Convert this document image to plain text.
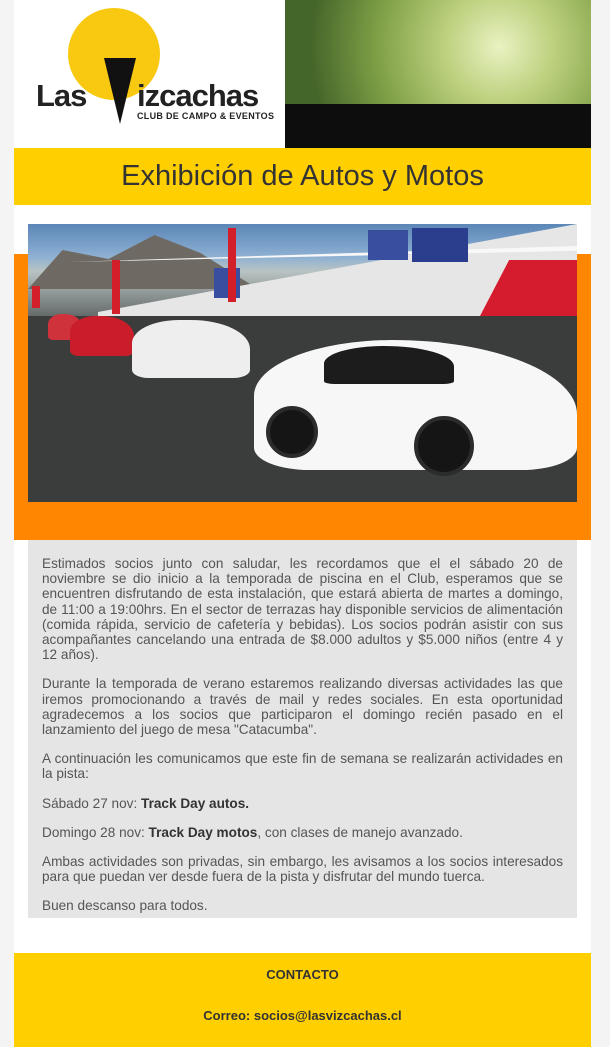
Las izcachas
CLUB DE CAMPO & EVENTOS
Exhibición de Autos y Motos

Estimados socios junto con saludar, les recordamos que el el sábado 20 de noviembre se dio inicio a la temporada de piscina en el Club, esperamos que se encuentren disfrutando de esta instalación, que estará abierta de martes a domingo, de 11:00 a 19:00hrs. En el sector de terrazas hay disponible servicios de alimentación (comida rápida, servicio de cafetería y bebidas). Los socios podrán asistir con sus acompañantes cancelando una entrada de $8.000 adultos y $5.000 niños (entre 4 y 12 años).

Durante la temporada de verano estaremos realizando diversas actividades las que iremos promocionando a través de mail y redes sociales. En esta oportunidad agradecemos a los socios que participaron el domingo recién pasado en el lanzamiento del juego de mesa "Catacumba".

A continuación les comunicamos que este fin de semana se realizarán actividades en la pista:

Sábado 27 nov: Track Day autos.

Domingo 28 nov: Track Day motos, con clases de manejo avanzado.

Ambas actividades son privadas, sin embargo, les avisamos a los socios interesados para que puedan ver desde fuera de la pista y disfrutar del mundo tuerca.

Buen descanso para todos.

CONTACTO
Correo: socios@lasvizcachas.cl
